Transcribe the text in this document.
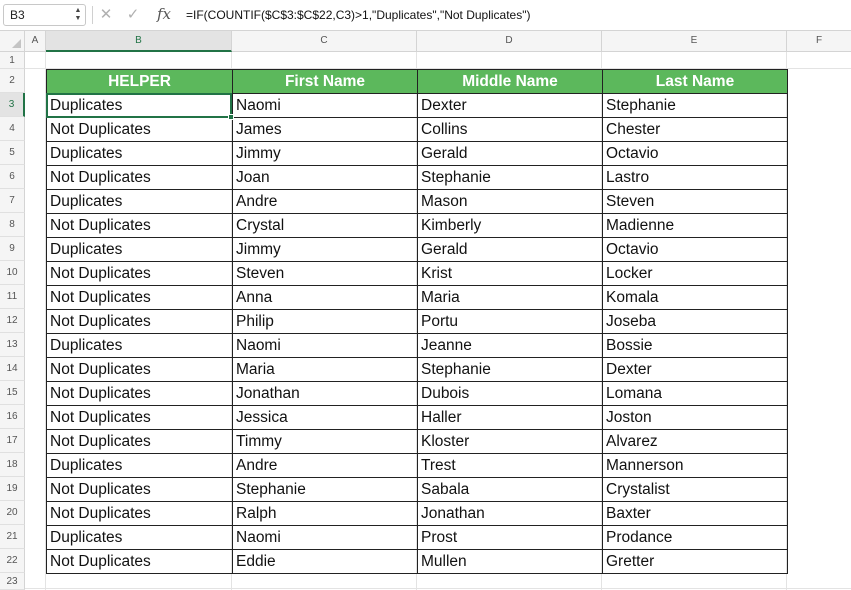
B3	▲
▼ ✕ ✓ fx =IF(COUNTIF($C$3:$C$22,C3)>1,"Duplicates","Not Duplicates")
A	B	C	D	E	F
1
2
3
4
5
6
7
8
9
10
11
12
13
14
15
16
17
18
19
20
21
22
23
HELPER	First Name	Middle Name	Last Name
Duplicates	Naomi	Dexter	Stephanie
Not Duplicates	James	Collins	Chester
Duplicates	Jimmy	Gerald	Octavio
Not Duplicates	Joan	Stephanie	Lastro
Duplicates	Andre	Mason	Steven
Not Duplicates	Crystal	Kimberly	Madienne
Duplicates	Jimmy	Gerald	Octavio
Not Duplicates	Steven	Krist	Locker
Not Duplicates	Anna	Maria	Komala
Not Duplicates	Philip	Portu	Joseba
Duplicates	Naomi	Jeanne	Bossie
Not Duplicates	Maria	Stephanie	Dexter
Not Duplicates	Jonathan	Dubois	Lomana
Not Duplicates	Jessica	Haller	Joston
Not Duplicates	Timmy	Kloster	Alvarez
Duplicates	Andre	Trest	Mannerson
Not Duplicates	Stephanie	Sabala	Crystalist
Not Duplicates	Ralph	Jonathan	Baxter
Duplicates	Naomi	Prost	Prodance
Not Duplicates	Eddie	Mullen	Gretter
